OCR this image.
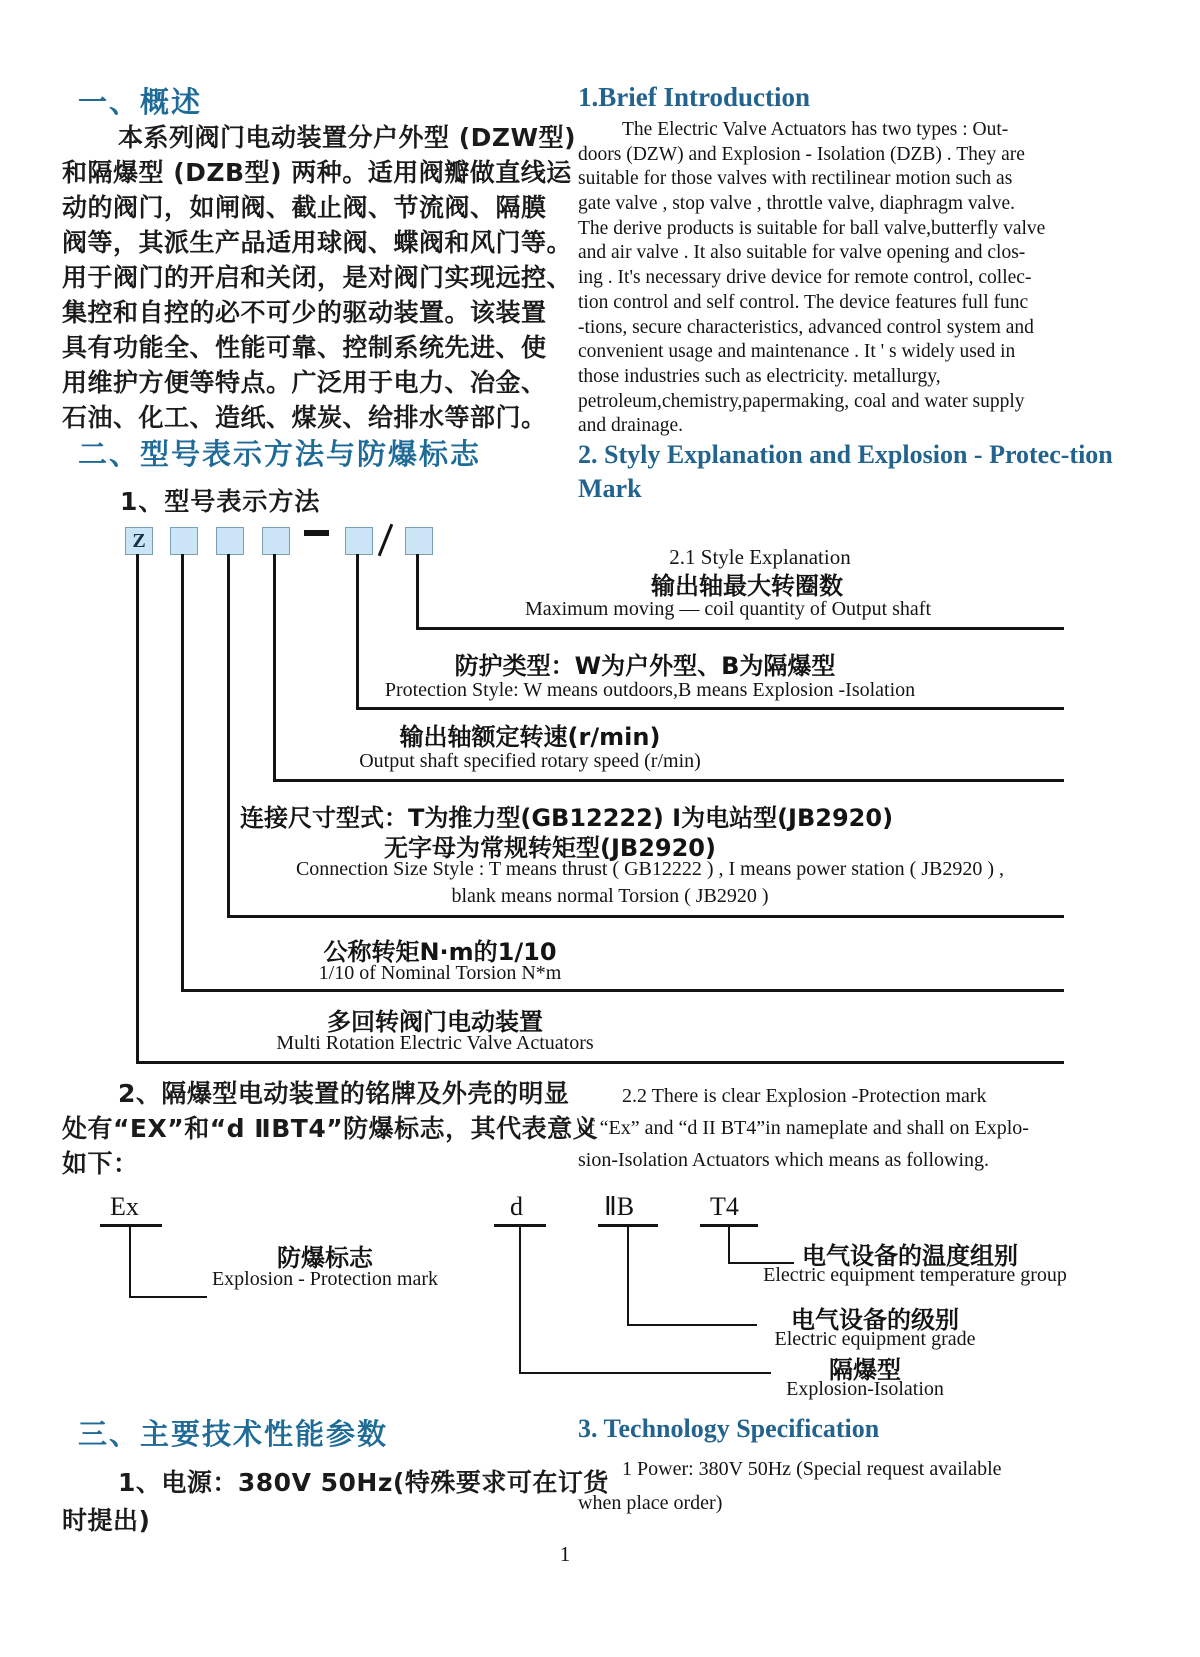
一、概述
本系列阀门电动装置分户外型 (DZW型)
和隔爆型 (DZB型) 两种。适用阀瓣做直线运
动的阀门，如闸阀、截止阀、节流阀、隔膜
阀等，其派生产品适用球阀、蝶阀和风门等。
用于阀门的开启和关闭，是对阀门实现远控、
集控和自控的必不可少的驱动装置。该装置
具有功能全、性能可靠、控制系统先进、使
用维护方便等特点。广泛用于电力、冶金、
石油、化工、造纸、煤炭、给排水等部门。
1.Brief Introduction
The Electric Valve Actuators has two types : Out-
doors (DZW) and Explosion - Isolation (DZB) . They are
suitable for those valves with rectilinear motion such as
gate valve , stop valve , throttle valve, diaphragm valve.
The derive products is suitable for ball valve,butterfly valve
and air valve . It also suitable for valve opening and clos-
ing . It's necessary drive device for remote control, collec-
tion control and self control. The device features full func
-tions, secure characteristics, advanced control system and
convenient usage and maintenance . It ' s widely used in
those industries such as electricity. metallurgy,
petroleum,chemistry,papermaking, coal and water supply
and drainage.
二、型号表示方法与防爆标志
1、型号表示方法
2. Styly Explanation and Explosion - Protec-tion
Mark
2.1 Style Explanation
Z
输出轴最大转圈数
Maximum moving — coil quantity of Output shaft
防护类型：W为户外型、B为隔爆型
Protection Style: W means outdoors,B means Explosion -Isolation
输出轴额定转速(r/min)
Output shaft specified rotary speed (r/min)
连接尺寸型式：T为推力型(GB12222) I为电站型(JB2920)
无字母为常规转矩型(JB2920)
Connection Size Style : T means thrust ( GB12222 ) , I means power station ( JB2920 ) ,
blank means normal Torsion ( JB2920 )
公称转矩N·m的1/10
1/10 of Nominal Torsion N*m
多回转阀门电动装置
Multi Rotation Electric Valve Actuators
2、隔爆型电动装置的铭牌及外壳的明显
处有“EX”和“d ⅡBT4”防爆标志，其代表意义
如下：
2.2 There is clear Explosion -Protection mark
of “Ex” and “d II BT4”in nameplate and shall on Explo-
sion-Isolation Actuators which means as following.
Ex	d	ⅡB	T4
防爆标志
Explosion - Protection mark
电气设备的温度组别
Electric equipment temperature group
电气设备的级别
Electric equipment grade
隔爆型
Explosion-Isolation
三、主要技术性能参数	3. Technology Specification
1、电源：380V 50Hz(特殊要求可在订货
时提出)
1 Power: 380V 50Hz (Special request available
when place order)
1
